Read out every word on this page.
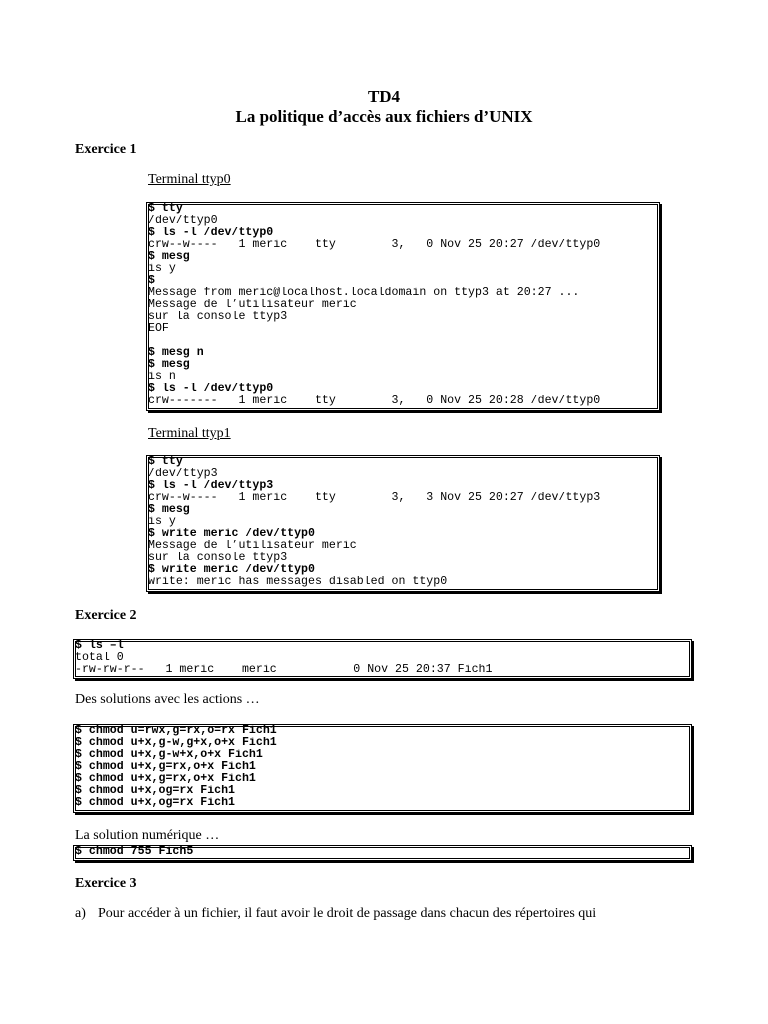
TD4
La politique d’accès aux fichiers d’UNIX
Exercice 1
Terminal ttyp0
$ tty
/dev/ttyp0
$ ls -l /dev/ttyp0
crw--w----   1 meric    tty        3,   0 Nov 25 20:27 /dev/ttyp0
$ mesg
is y
$
Message from meric@localhost.localdomain on ttyp3 at 20:27 ...
Message de l’utilisateur meric
sur la console ttyp3
EOF
$ mesg n
$ mesg
is n
$ ls -l /dev/ttyp0
crw-------   1 meric    tty        3,   0 Nov 25 20:28 /dev/ttyp0
Terminal ttyp1
$ tty
/dev/ttyp3
$ ls -l /dev/ttyp3
crw--w----   1 meric    tty        3,   3 Nov 25 20:27 /dev/ttyp3
$ mesg
is y
$ write meric /dev/ttyp0
Message de l’utilisateur meric
sur la console ttyp3
$ write meric /dev/ttyp0
write: meric has messages disabled on ttyp0
Exercice 2
$ ls –l
total 0
-rw-rw-r--   1 meric    meric           0 Nov 25 20:37 Fich1
Des solutions avec les actions …
$ chmod u=rwx,g=rx,o=rx Fich1
$ chmod u+x,g-w,g+x,o+x Fich1
$ chmod u+x,g-w+x,o+x Fich1
$ chmod u+x,g=rx,o+x Fich1
$ chmod u+x,g=rx,o+x Fich1
$ chmod u+x,og=rx Fich1
$ chmod u+x,og=rx Fich1
La solution numérique …
$ chmod 755 Fich5
Exercice 3
a) Pour accéder à un fichier, il faut avoir le droit de passage dans chacun des répertoires qui
